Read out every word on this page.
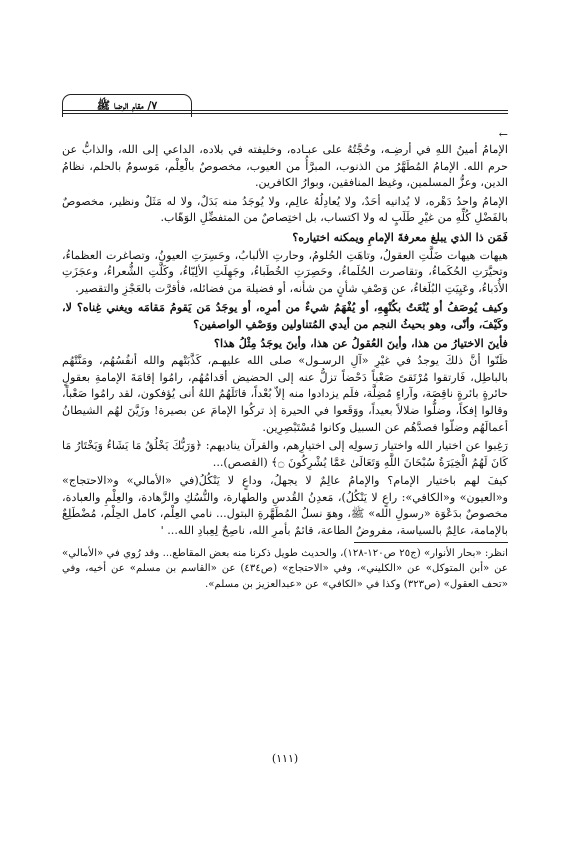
٧/ مقام الرضا ﷺ
←

الإمامُ أمينُ اللهِ في أرضِـه، وحُجَّتُهُ على عبـاده، وخليفته في بلاده، الداعي إلى الله، والذابُّ عن حرم الله. الإمامُ المُطَهَّرُ من الذنوب، المبرَّأُ من العيوب، مخصوصٌ بالْعِلْم، مَوسومٌ بالحلم، نظامُ الدين، وعزُّ المسلمين، وغيظ المنافقين، وبوارُ الكافرين.

الإمامُ واحدُ دَهْره، لا يُدانيه أحَدٌ، ولا يُعادِلُهُ عالِم، ولا يُوجَدُ منه بَدَلٌ، ولا له مَثَلٌ ونظير، مخصوصٌ بالفَضْلِ كُلِّهِ من غيْرِ طَلَبٍ له ولا اكتساب، بل اختِصاصٌ من المتفضِّلِ الوَهّاب.

فَمَن ذا الذي يبلغ معرفةَ الإمامِ ويمكنه اختياره؟

هيهات هيهات ضَلَّتِ العقولُ، وتاهَتِ الحُلومُ، وحارتِ الألبابُ، وحَسِرَتِ العيونُ، وتصاغرت العظماءُ، وتحيَّرَتِ الحُكَماءُ، وتقاصرت الحُلَماءُ، وحَصِرَتِ الخُطَباءُ، وجَهِلَتِ الألِبّاءُ، وكَلَّتِ الشُّعراءُ، وعجَزَتِ الأُدَباءُ، وعَيِيَتِ البُلَغاءُ، عن وَصْفِ شأنٍ من شأنه، أو فضيلة من فضائله، فأقرَّت بالعَجْزِ والتقصير.

وكيف يُوصَفُ أو يُنْعَتُ بكُنْهِهِ، أو يُفْهَمُ شيءٌ من أمرِه، أو يوجَدُ مَن يَقومُ مَقامَه ويغني غِناه؟ لا، وكَيْفَ، وأنّى، وهو بحيثُ النجم من أيدي المُتناولين ووَصْفِ الواصفين؟

فأينَ الاختيارُ من هذا، وأينَ العُقولُ عن هذا، وأينَ يوجَدُ مِثْلُ هذا؟

ظَنّوا أنَّ ذلكَ يوجدُ في غيْرِ «آلِ الرسـول» صلى الله عليهـم، كَذَّبَتْهم والله أنفُسُهُم، ومَنَّتْهُم بالباطِل، فَارتقوا مُرْتَقىً صَعْباً دَحْضاً تزلُّ عنه إلى الحضيض أقدامُهُم، رامُوا إقامَةَ الإمامةِ بعقولٍ حائرةٍ بائرةٍ ناقِصَة، وآراءٍ مُضِلَّة، فلَم يزدادوا منه إلاّ بُعْداً، قاتَلَهُمُ اللهُ أنى يُؤفكون، لقد رامُوا صَعْباً، وقالوا إفكاً، وضلُّوا ضلالاً بعيداً، ووَقَعوا في الحيرة إذ تركُوا الإمامَ عن بصيرة! وزَيَّنَ لهُم الشيطانُ أعمالَهُم وضلّوا فصدَّهُم عن السبيل وكانوا مُسْتَبْصِرِين.

رَغِبوا عن اختيار الله واختيار رَسولِه إلى اختيارِهم، والقرآن يناديهم: ﴿وَرَبُّكَ يَخْلُقُ مَا يَشَاءُ وَيَخْتَارُ مَا كَانَ لَهُمُ الْخِيَرَةُ سُبْحَانَ اللَّهِ وَتَعَالَىٰ عَمَّا يُشْرِكُونَ ۝﴾ (القصص)...

كيفَ لهم باختيار الإمام؟ والإمامُ عالِمٌ لا يجهلُ، وداعٍ لا يَنْكُلُ(في «الأمالي» و«الاحتجاج» و«العيون» و«الكافي»: راعٍ لا يَنْكُلُ)، مَعدِنُ القُدسِ والطهارة، والنُّسُكِ والزَّهادة، والعِلْمِ والعبادة، مخصوصٌ بدَعْوَة «رسولِ الله» ﷺ، وهوَ نسلُ المُطَهَّرةِ البتول... نامي العِلْم، كامل الحِلْم، مُضْطَلِعٌ بالإمامة، عالِمٌ بالسياسة، مفروضُ الطاعة، قائمٌ بأمرِ الله، ناصِحٌ لِعِبادِ الله... '

انظر: «بحار الأنوار» (ج٢٥ ص١٢٠-١٢٨)، والحديث طويل ذكرنا منه بعض المقاطع... وقد رُوي في «الأمالي» عن «أبن المتوكل» عن «الكليني»، وفي «الاحتجاج» (ص٤٣٤) عن «القاسم بن مسلم» عن أخيه، وفي «تحف العقول» (ص٣٢٣) وكذا في «الكافي» عن «عبدالعزيز بن مسلم».
(١١١)
